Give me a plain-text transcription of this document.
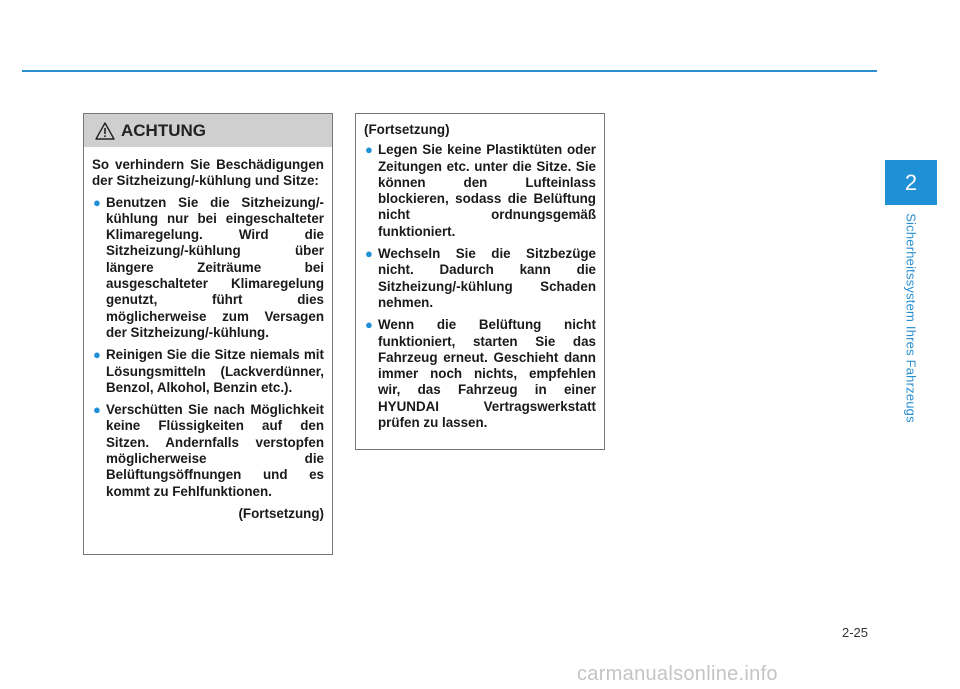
2
Sicherheitssystem Ihres Fahrzeugs
ACHTUNG

So verhindern Sie Beschädigungen der Sitzheizung/-kühlung und Sitze:

● Benutzen Sie die Sitzheizung/-kühlung nur bei eingeschalteter Klimaregelung. Wird die Sitzheizung/-kühlung über längere Zeiträume bei ausgeschalteter Klimaregelung genutzt, führt dies möglicherweise zum Versagen der Sitzheizung/-kühlung.
● Reinigen Sie die Sitze niemals mit Lösungsmitteln (Lackverdünner, Benzol, Alkohol, Benzin etc.).
● Verschütten Sie nach Möglichkeit keine Flüssigkeiten auf den Sitzen. Andernfalls verstopfen möglicherweise die Belüftungsöffnungen und es kommt zu Fehlfunktionen.

(Fortsetzung)

(Fortsetzung)

● Legen Sie keine Plastiktüten oder Zeitungen etc. unter die Sitze. Sie können den Lufteinlass blockieren, sodass die Belüftung nicht ordnungsgemäß funktioniert.
● Wechseln Sie die Sitzbezüge nicht. Dadurch kann die Sitzheizung/-kühlung Schaden nehmen.
● Wenn die Belüftung nicht funktioniert, starten Sie das Fahrzeug erneut. Geschieht dann immer noch nichts, empfehlen wir, das Fahrzeug in einer HYUNDAI Vertragswerkstatt prüfen zu lassen.
2-25
carmanualsonline.info
